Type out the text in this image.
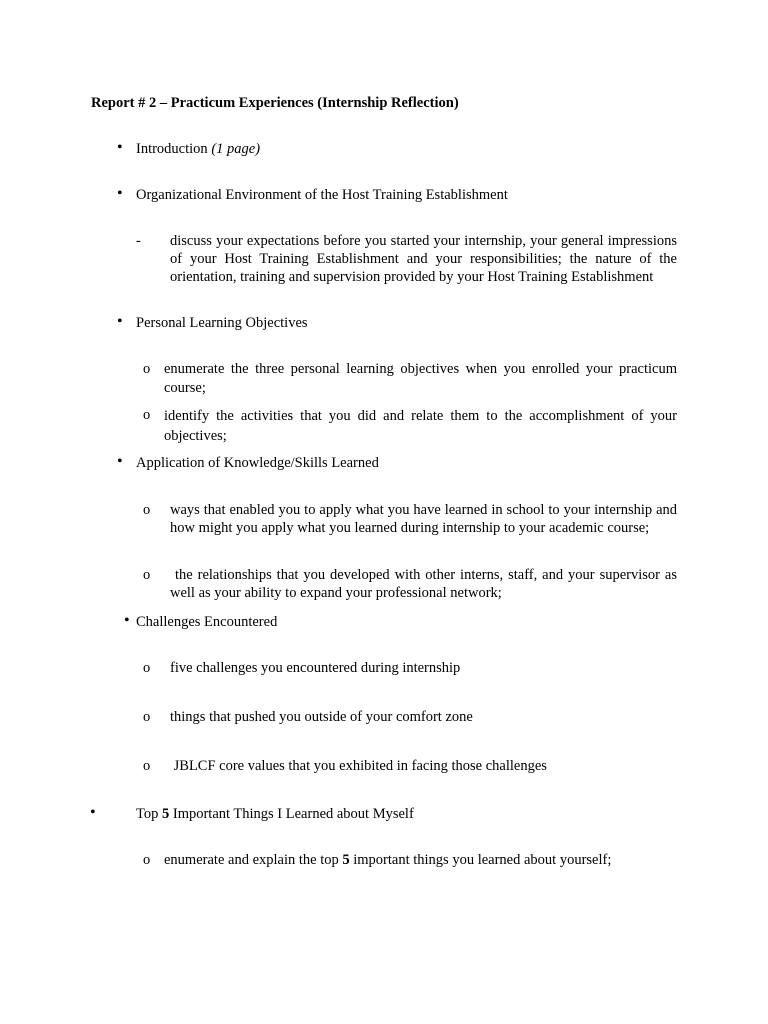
Report # 2 – Practicum Experiences (Internship Reflection)
• Introduction (1 page)
• Organizational Environment of the Host Training Establishment
- discuss your expectations before you started your internship, your general impressions of your Host Training Establishment and your responsibilities; the nature of the orientation, training and supervision provided by your Host Training Establishment
• Personal Learning Objectives
o enumerate the three personal learning objectives when you enrolled your practicum course;
o identify the activities that you did and relate them to the accomplishment of your objectives;
• Application of Knowledge/Skills Learned
o ways that enabled you to apply what you have learned in school to your internship and how might you apply what you learned during internship to your academic course;
o the relationships that you developed with other interns, staff, and your supervisor as well as your ability to expand your professional network;
• Challenges Encountered
o five challenges you encountered during internship
o things that pushed you outside of your comfort zone
o JBLCF core values that you exhibited in facing those challenges
•	Top 5 Important Things I Learned about Myself
o enumerate and explain the top 5 important things you learned about yourself;
